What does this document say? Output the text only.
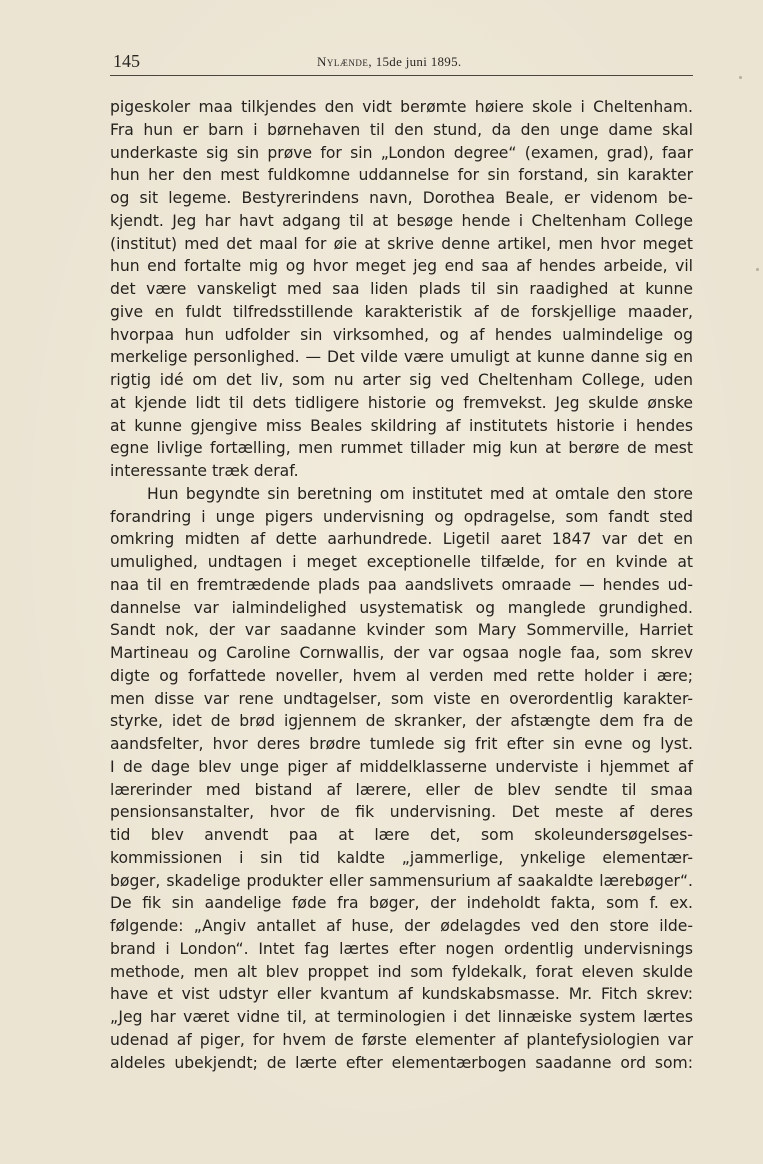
145	Nylænde, 15de juni 1895.
pigeskoler maa tilkjendes den vidt berømte høiere skole i Cheltenham.
Fra hun er barn i børnehaven til den stund, da den unge dame skal
underkaste sig sin prøve for sin „London degree“ (examen, grad), faar
hun her den mest fuldkomne uddannelse for sin forstand, sin karakter
og sit legeme. Bestyrerindens navn, Dorothea Beale, er videnom be-
kjendt. Jeg har havt adgang til at besøge hende i Cheltenham College
(institut) med det maal for øie at skrive denne artikel, men hvor meget
hun end fortalte mig og hvor meget jeg end saa af hendes arbeide, vil
det være vanskeligt med saa liden plads til sin raadighed at kunne
give en fuldt tilfredsstillende karakteristik af de forskjellige maader,
hvorpaa hun udfolder sin virksomhed, og af hendes ualmindelige og
merkelige personlighed. — Det vilde være umuligt at kunne danne sig en
rigtig idé om det liv, som nu arter sig ved Cheltenham College, uden
at kjende lidt til dets tidligere historie og fremvekst. Jeg skulde ønske
at kunne gjengive miss Beales skildring af institutets historie i hendes
egne livlige fortælling, men rummet tillader mig kun at berøre de mest
interessante træk deraf.
Hun begyndte sin beretning om institutet med at omtale den store
forandring i unge pigers undervisning og opdragelse, som fandt sted
omkring midten af dette aarhundrede. Ligetil aaret 1847 var det en
umulighed, undtagen i meget exceptionelle tilfælde, for en kvinde at
naa til en fremtrædende plads paa aandslivets omraade — hendes ud-
dannelse var ialmindelighed usystematisk og manglede grundighed.
Sandt nok, der var saadanne kvinder som Mary Sommerville, Harriet
Martineau og Caroline Cornwallis, der var ogsaa nogle faa, som skrev
digte og forfattede noveller, hvem al verden med rette holder i ære;
men disse var rene undtagelser, som viste en overordentlig karakter-
styrke, idet de brød igjennem de skranker, der afstængte dem fra de
aandsfelter, hvor deres brødre tumlede sig frit efter sin evne og lyst.
I de dage blev unge piger af middelklasserne underviste i hjemmet af
lærerinder med bistand af lærere, eller de blev sendte til smaa
pensionsanstalter, hvor de fik undervisning. Det meste af deres
tid blev anvendt paa at lære det, som skoleundersøgelses-
kommissionen i sin tid kaldte „jammerlige, ynkelige elementær-
bøger, skadelige produkter eller sammensurium af saakaldte lærebøger“.
De fik sin aandelige føde fra bøger, der indeholdt fakta, som f. ex.
følgende: „Angiv antallet af huse, der ødelagdes ved den store ilde-
brand i London“. Intet fag lærtes efter nogen ordentlig undervisnings
methode, men alt blev proppet ind som fyldekalk, forat eleven skulde
have et vist udstyr eller kvantum af kundskabsmasse. Mr. Fitch skrev:
„Jeg har været vidne til, at terminologien i det linnæiske system lærtes
udenad af piger, for hvem de første elementer af plantefysiologien var
aldeles ubekjendt; de lærte efter elementærbogen saadanne ord som:
